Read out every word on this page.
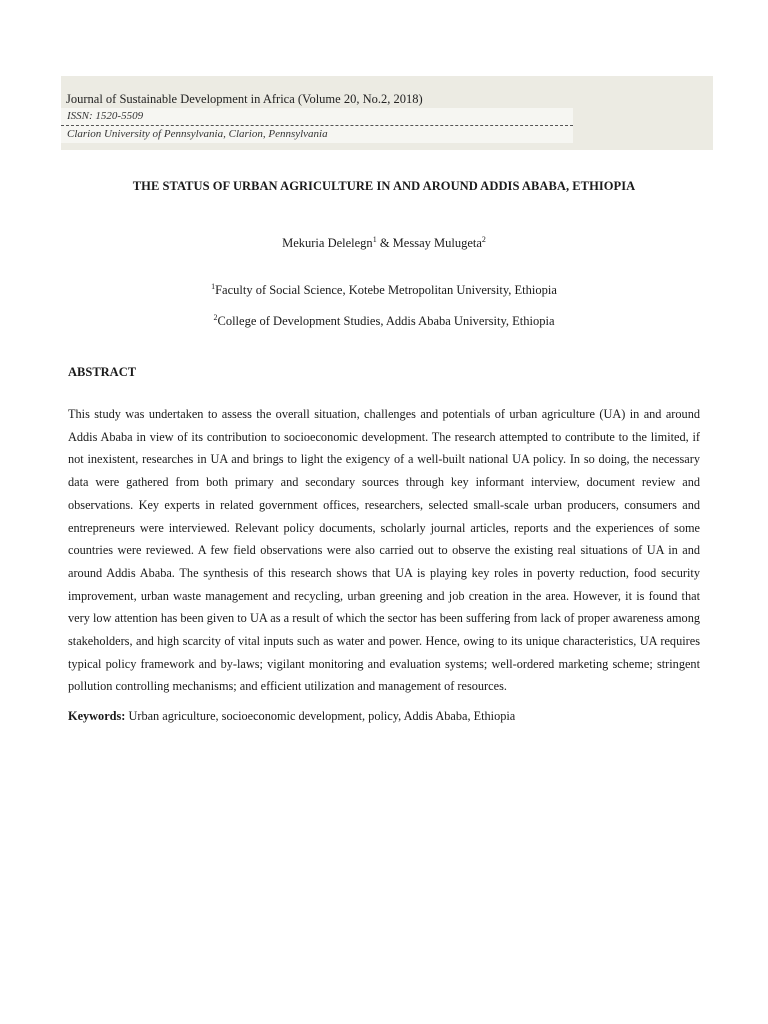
Journal of Sustainable Development in Africa (Volume 20, No.2, 2018)
ISSN: 1520-5509
Clarion University of Pennsylvania, Clarion, Pennsylvania
THE STATUS OF URBAN AGRICULTURE IN AND AROUND ADDIS ABABA, ETHIOPIA
Mekuria Delelegn$^1$ & Messay Mulugeta$^2$
$^1$Faculty of Social Science, Kotebe Metropolitan University, Ethiopia
$^2$College of Development Studies, Addis Ababa University, Ethiopia
ABSTRACT

This study was undertaken to assess the overall situation, challenges and potentials of urban agriculture (UA) in and around Addis Ababa in view of its contribution to socioeconomic development. The research attempted to contribute to the limited, if not inexistent, researches in UA and brings to light the exigency of a well-built national UA policy. In so doing, the necessary data were gathered from both primary and secondary sources through key informant interview, document review and observations. Key experts in related government offices, researchers, selected small-scale urban producers, consumers and entrepreneurs were interviewed. Relevant policy documents, scholarly journal articles, reports and the experiences of some countries were reviewed. A few field observations were also carried out to observe the existing real situations of UA in and around Addis Ababa. The synthesis of this research shows that UA is playing key roles in poverty reduction, food security improvement, urban waste management and recycling, urban greening and job creation in the area. However, it is found that very low attention has been given to UA as a result of which the sector has been suffering from lack of proper awareness among stakeholders, and high scarcity of vital inputs such as water and power. Hence, owing to its unique characteristics, UA requires typical policy framework and by-laws; vigilant monitoring and evaluation systems; well-ordered marketing scheme; stringent pollution controlling mechanisms; and efficient utilization and management of resources.

Keywords: Urban agriculture, socioeconomic development, policy, Addis Ababa, Ethiopia
